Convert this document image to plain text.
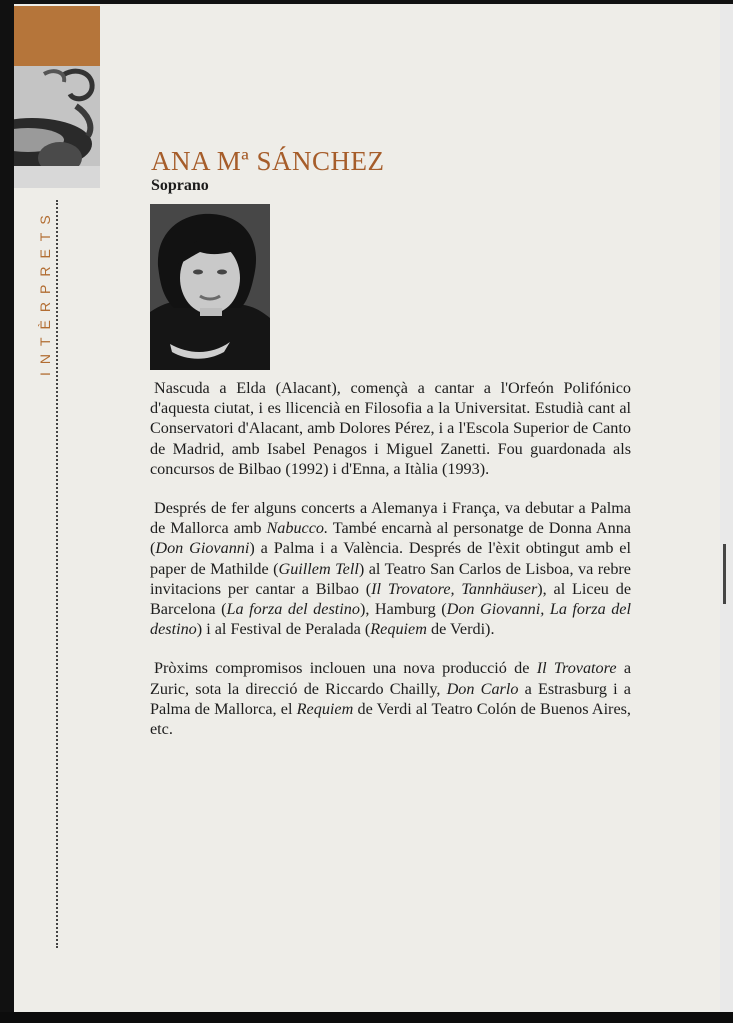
INTÈRPRETS
ANA Mª SÁNCHEZ
Soprano

Nascuda a Elda (Alacant), començà a cantar a l'Orfeón Polifónico d'aquesta ciutat, i es llicencià en Filosofia a la Universitat. Estudià cant al Conservatori d'Alacant, amb Dolores Pérez, i a l'Escola Superior de Canto de Madrid, amb Isabel Penagos i Miguel Zanetti. Fou guardonada als concursos de Bilbao (1992) i d'Enna, a Itàlia (1993).

Després de fer alguns concerts a Alemanya i França, va debutar a Palma de Mallorca amb Nabucco. També encarnà al personatge de Donna Anna (Don Giovanni) a Palma i a València. Després de l'èxit obtingut amb el paper de Mathilde (Guillem Tell) al Teatro San Carlos de Lisboa, va rebre invitacions per cantar a Bilbao (Il Trovatore, Tannhäuser), al Liceu de Barcelona (La forza del destino), Hamburg (Don Giovanni, La forza del destino) i al Festival de Peralada (Requiem de Verdi).

Pròxims compromisos inclouen una nova producció de Il Trovatore a Zuric, sota la direcció de Riccardo Chailly, Don Carlo a Estrasburg i a Palma de Mallorca, el Requiem de Verdi al Teatro Colón de Buenos Aires, etc.
